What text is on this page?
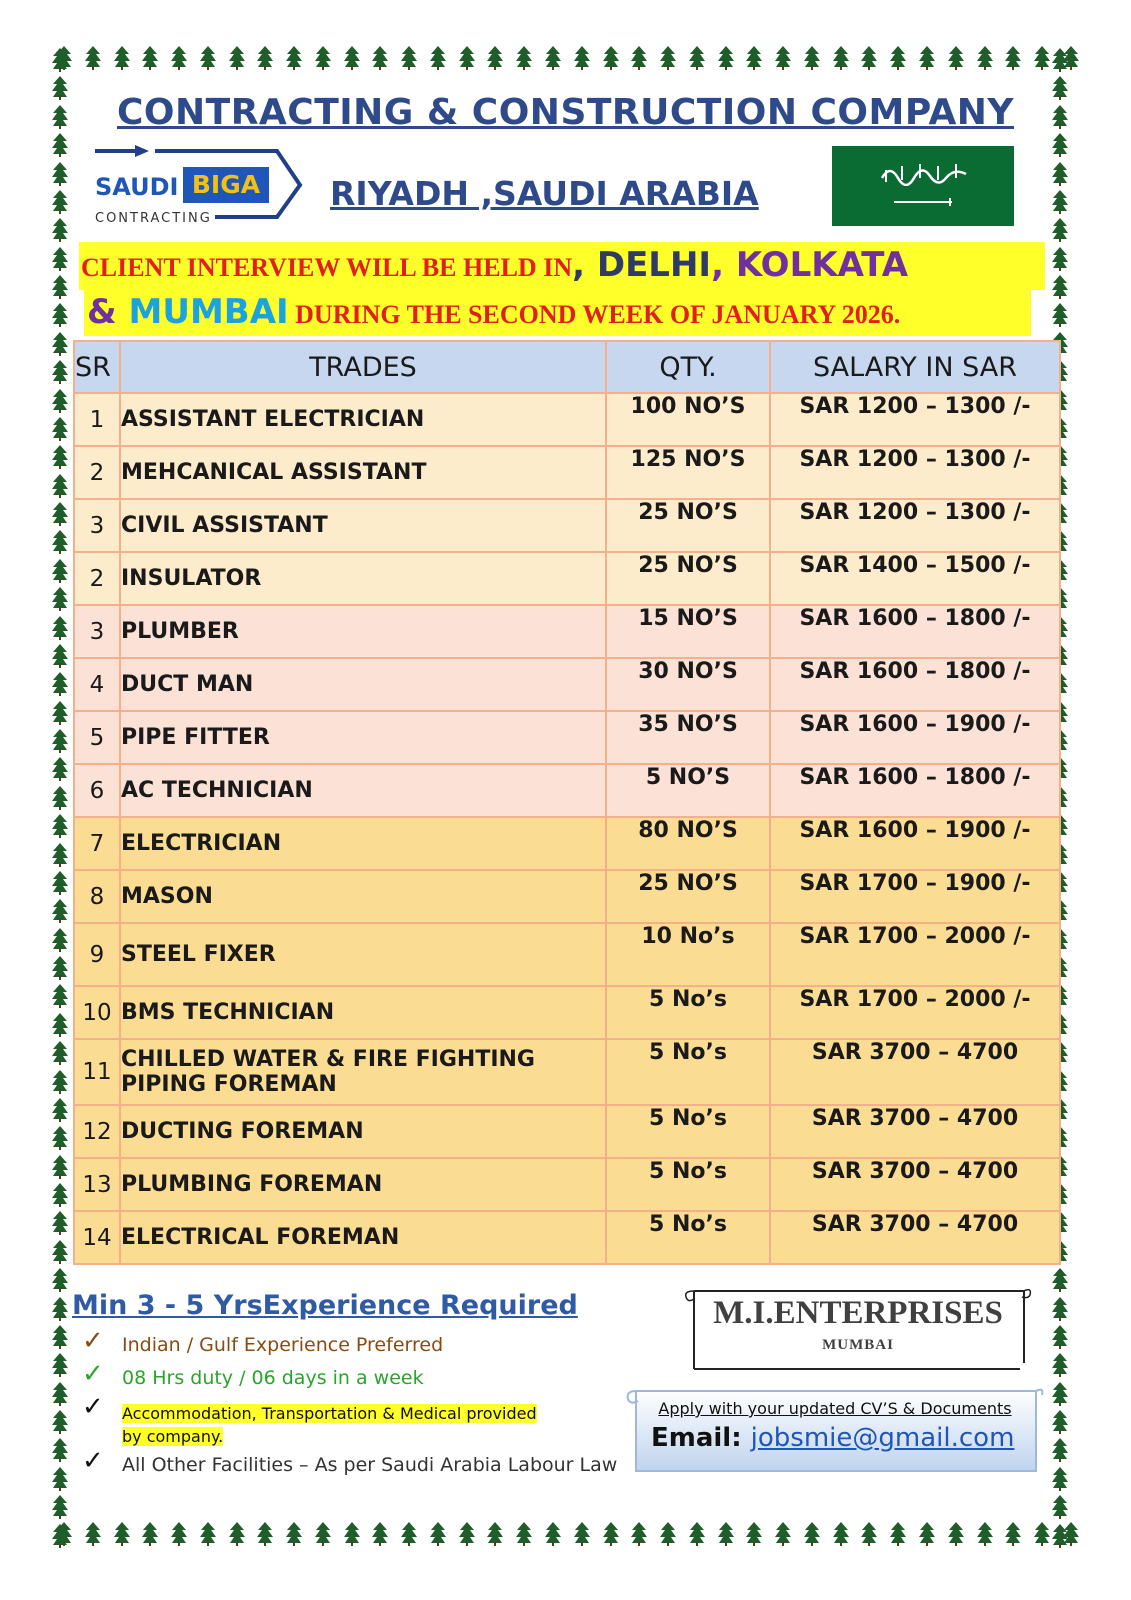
CONTRACTING & CONSTRUCTION COMPANY
SAUDI BIGA
CONTRACTING
RIYADH ,SAUDI ARABIA
CLIENT INTERVIEW WILL BE HELD IN, DELHI, KOLKATA
& MUMBAI DURING THE SECOND WEEK OF JANUARY 2026.
SR	TRADES	QTY.	SALARY IN SAR
1	ASSISTANT ELECTRICIAN	100 NO’S	SAR 1200 – 1300 /-
2	MEHCANICAL ASSISTANT	125 NO’S	SAR 1200 – 1300 /-
3	CIVIL ASSISTANT	25 NO’S	SAR 1200 – 1300 /-
2	INSULATOR	25 NO’S	SAR 1400 – 1500 /-
3	PLUMBER	15 NO’S	SAR 1600 – 1800 /-
4	DUCT MAN	30 NO’S	SAR 1600 – 1800 /-
5	PIPE FITTER	35 NO’S	SAR 1600 – 1900 /-
6	AC TECHNICIAN	5 NO’S	SAR 1600 – 1800 /-
7	ELECTRICIAN	80 NO’S	SAR 1600 – 1900 /-
8	MASON	25 NO’S	SAR 1700 – 1900 /-
9	STEEL FIXER	10 No’s	SAR 1700 – 2000 /-
10	BMS TECHNICIAN	5 No’s	SAR 1700 – 2000 /-
11	CHILLED WATER & FIRE FIGHTING PIPING FOREMAN	5 No’s	SAR 3700 – 4700
12	DUCTING FOREMAN	5 No’s	SAR 3700 – 4700
13	PLUMBING FOREMAN	5 No’s	SAR 3700 – 4700
14	ELECTRICAL FOREMAN	5 No’s	SAR 3700 – 4700
Min 3 - 5 YrsExperience Required
✓ Indian / Gulf Experience Preferred
✓ 08 Hrs duty / 06 days in a week
✓ Accommodation, Transportation & Medical provided
by company.
✓ All Other Facilities – As per Saudi Arabia Labour Law
M.I.ENTERPRISES
MUMBAI
Apply with your updated CV’S & Documents
Email: jobsmie@gmail.com
